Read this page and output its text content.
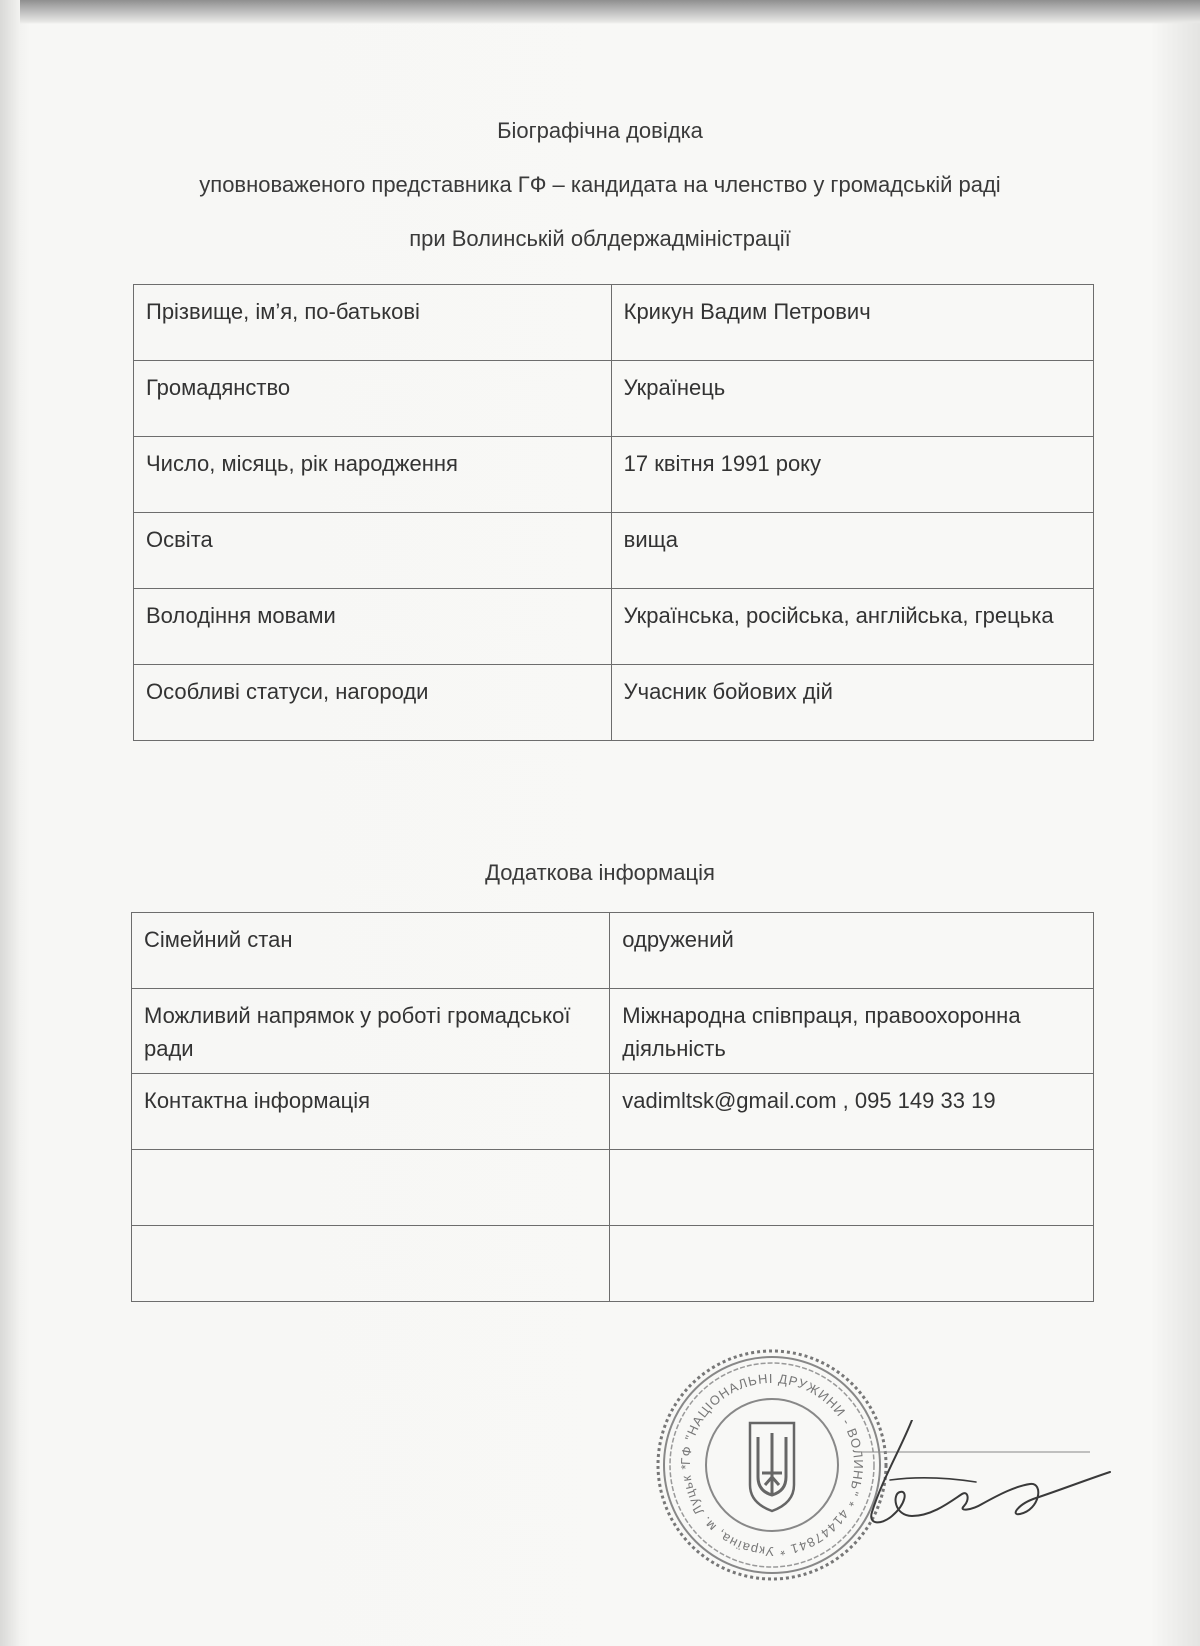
Біографічна довідка
уповноваженого представника ГФ – кандидата на членство у громадській раді
при Волинській облдержадміністрації
Прізвище, ім’я, по-батькові	Крикун Вадим Петрович
Громадянство	Українець
Число, місяць, рік народження	17 квітня 1991 року
Освіта	вища
Володіння мовами	Українська, російська, англійська, грецька
Особливі статуси, нагороди	Учасник бойових дій
Додаткова інформація
Сімейний стан	одружений
Можливий напрямок у роботі громадської ради	Міжнародна співпраця, правоохоронна діяльність
Контактна інформація	vadimltsk@gmail.com , 095 149 33 19

ГФ "НАЦІОНАЛЬНІ ДРУЖИНИ - ВОЛИНЬ" * 41447841 * Україна, м. Луцьк *
